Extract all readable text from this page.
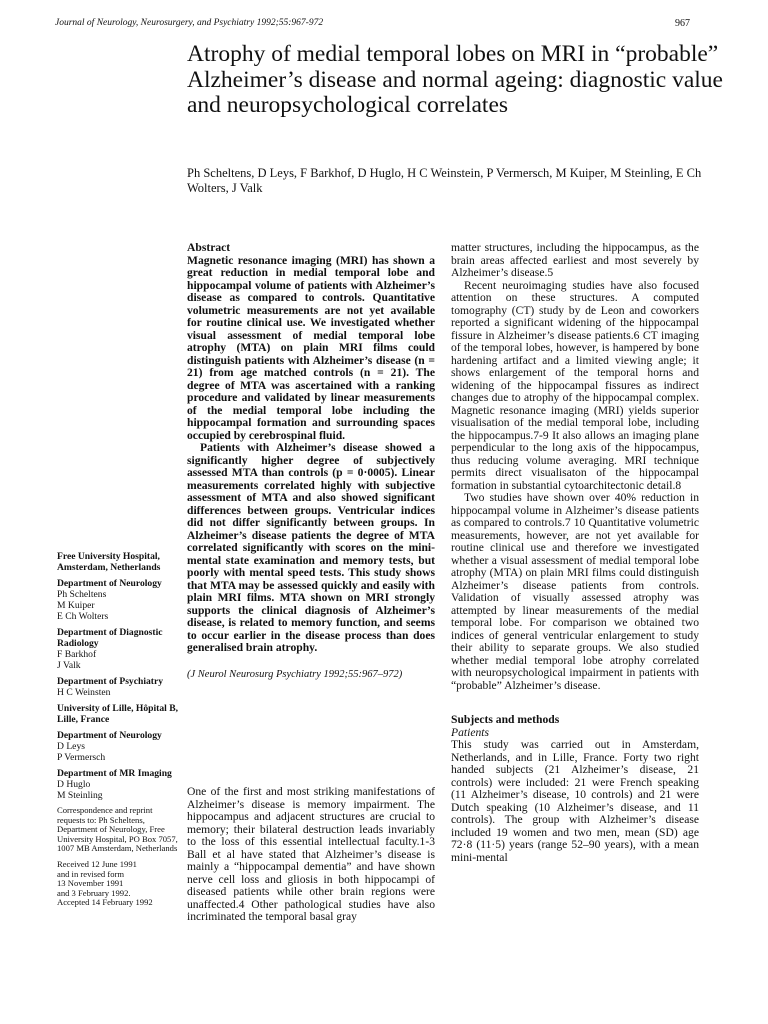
Journal of Neurology, Neurosurgery, and Psychiatry 1992;55:967-972	967
Atrophy of medial temporal lobes on MRI in “probable” Alzheimer’s disease and normal ageing: diagnostic value and neuropsychological correlates
Ph Scheltens, D Leys, F Barkhof, D Huglo, H C Weinstein, P Vermersch, M Kuiper, M Steinling, E Ch Wolters, J Valk
Free University Hospital, Amsterdam, Netherlands
Department of Neurology
Ph Scheltens
M Kuiper
E Ch Wolters
Department of Diagnostic Radiology
F Barkhof
J Valk
Department of Psychiatry
H C Weinsten
University of Lille, Hôpital B, Lille, France
Department of Neurology
D Leys
P Vermersch
Department of MR Imaging
D Huglo
M Steinling
Correspondence and reprint requests to: Ph Scheltens, Department of Neurology, Free University Hospital, PO Box 7057, 1007 MB Amsterdam, Netherlands
Received 12 June 1991
and in revised form
13 November 1991
and 3 February 1992.
Accepted 14 February 1992
Abstract

Magnetic resonance imaging (MRI) has shown a great reduction in medial temporal lobe and hippocampal volume of patients with Alzheimer’s disease as compared to controls. Quantitative volumetric measurements are not yet available for routine clinical use. We investigated whether visual assessment of medial temporal lobe atrophy (MTA) on plain MRI films could distinguish patients with Alzheimer’s disease (n = 21) from age matched controls (n = 21). The degree of MTA was ascertained with a ranking procedure and validated by linear measurements of the medial temporal lobe including the hippocampal formation and surrounding spaces occupied by cerebrospinal fluid.

Patients with Alzheimer’s disease showed a significantly higher degree of subjectively assessed MTA than controls (p = 0·0005). Linear measurements correlated highly with subjective assessment of MTA and also showed significant differences between groups. Ventricular indices did not differ significantly between groups. In Alzheimer’s disease patients the degree of MTA correlated significantly with scores on the mini-mental state examination and memory tests, but poorly with mental speed tests. This study shows that MTA may be assessed quickly and easily with plain MRI films. MTA shown on MRI strongly supports the clinical diagnosis of Alzheimer’s disease, is related to memory function, and seems to occur earlier in the disease process than does generalised brain atrophy.

(J Neurol Neurosurg Psychiatry 1992;55:967–972)

One of the first and most striking manifestations of Alzheimer’s disease is memory impairment. The hippocampus and adjacent structures are crucial to memory; their bilateral destruction leads invariably to the loss of this essential intellectual faculty.1-3 Ball et al have stated that Alzheimer’s disease is mainly a “hippocampal dementia” and have shown nerve cell loss and gliosis in both hippocampi of diseased patients while other brain regions were unaffected.4 Other pathological studies have also incriminated the temporal basal gray

matter structures, including the hippocampus, as the brain areas affected earliest and most severely by Alzheimer’s disease.5

Recent neuroimaging studies have also focused attention on these structures. A computed tomography (CT) study by de Leon and coworkers reported a significant widening of the hippocampal fissure in Alzheimer’s disease patients.6 CT imaging of the temporal lobes, however, is hampered by bone hardening artifact and a limited viewing angle; it shows enlargement of the temporal horns and widening of the hippocampal fissures as indirect changes due to atrophy of the hippocampal complex. Magnetic resonance imaging (MRI) yields superior visualisation of the medial temporal lobe, including the hippocampus.7-9 It also allows an imaging plane perpendicular to the long axis of the hippocampus, thus reducing volume averaging. MRI technique permits direct visualisaton of the hippocampal formation in substantial cytoarchitectonic detail.8

Two studies have shown over 40% reduction in hippocampal volume in Alzheimer’s disease patients as compared to controls.7 10 Quantitative volumetric measurements, however, are not yet available for routine clinical use and therefore we investigated whether a visual assessment of medial temporal lobe atrophy (MTA) on plain MRI films could distinguish Alzheimer’s disease patients from controls. Validation of visually assessed atrophy was attempted by linear measurements of the medial temporal lobe. For comparison we obtained two indices of general ventricular enlargement to study their ability to separate groups. We also studied whether medial temporal lobe atrophy correlated with neuropsychological impairment in patients with “probable” Alzheimer’s disease.

Subjects and methods
Patients

This study was carried out in Amsterdam, Netherlands, and in Lille, France. Forty two right handed subjects (21 Alzheimer’s disease, 21 controls) were included: 21 were French speaking (11 Alzheimer’s disease, 10 controls) and 21 were Dutch speaking (10 Alzheimer’s disease, and 11 controls). The group with Alzheimer’s disease included 19 women and two men, mean (SD) age 72·8 (11·5) years (range 52–90 years), with a mean mini-mental
